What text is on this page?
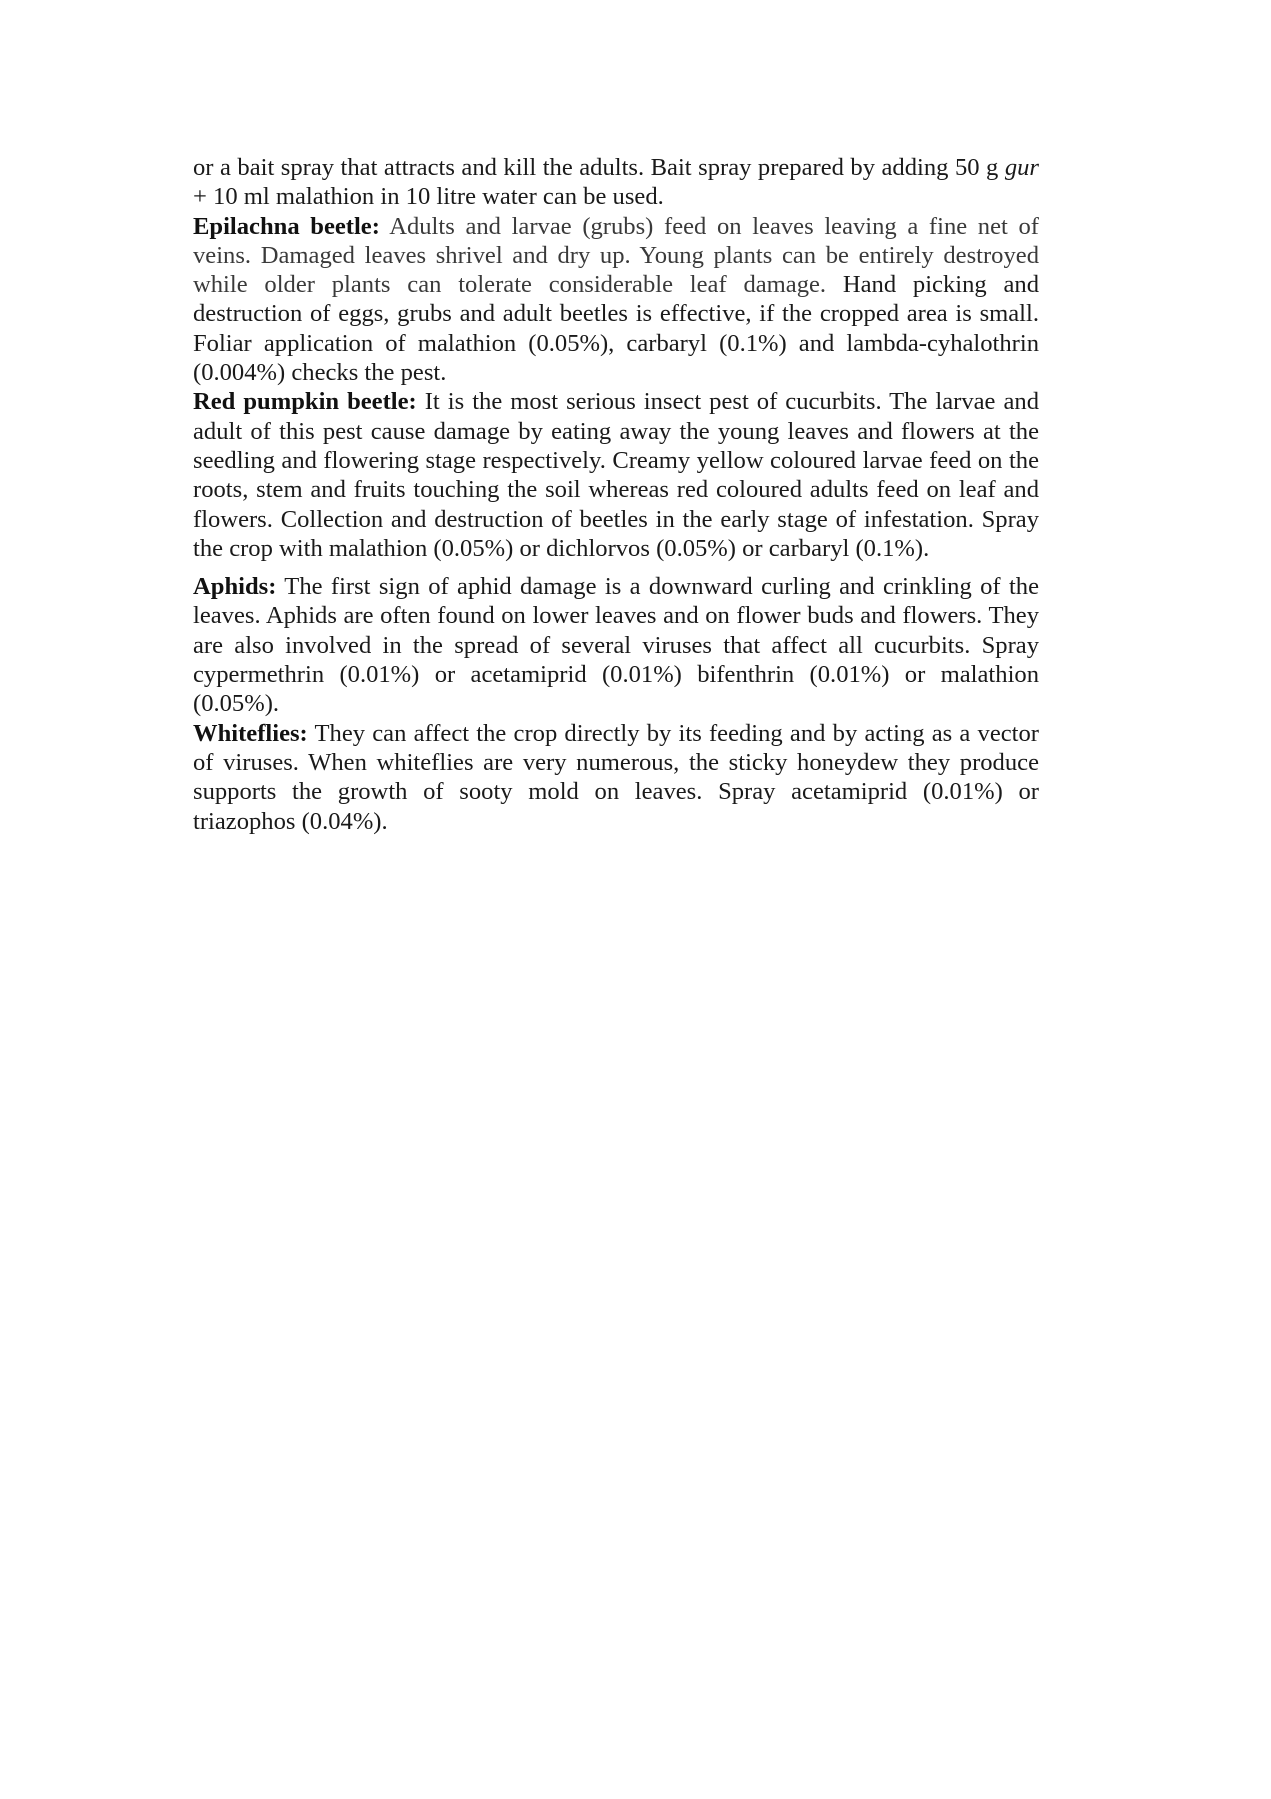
or a bait spray that attracts and kill the adults. Bait spray prepared by adding 50 g gur + 10 ml malathion in 10 litre water can be used.

Epilachna beetle: Adults and larvae (grubs) feed on leaves leaving a fine net of veins. Damaged leaves shrivel and dry up. Young plants can be entirely destroyed while older plants can tolerate considerable leaf damage. Hand picking and destruction of eggs, grubs and adult beetles is effective, if the cropped area is small. Foliar application of malathion (0.05%), carbaryl (0.1%) and lambda-cyhalothrin (0.004%) checks the pest.

Red pumpkin beetle: It is the most serious insect pest of cucurbits. The larvae and adult of this pest cause damage by eating away the young leaves and flowers at the seedling and flowering stage respectively. Creamy yellow coloured larvae feed on the roots, stem and fruits touching the soil whereas red coloured adults feed on leaf and flowers. Collection and destruction of beetles in the early stage of infestation. Spray the crop with malathion (0.05%) or dichlorvos (0.05%) or carbaryl (0.1%).

Aphids: The first sign of aphid damage is a downward curling and crinkling of the leaves. Aphids are often found on lower leaves and on flower buds and flowers. They are also involved in the spread of several viruses that affect all cucurbits. Spray cypermethrin (0.01%) or acetamiprid (0.01%) bifenthrin (0.01%) or malathion (0.05%).

Whiteflies: They can affect the crop directly by its feeding and by acting as a vector of viruses. When whiteflies are very numerous, the sticky honeydew they produce supports the growth of sooty mold on leaves. Spray acetamiprid (0.01%) or triazophos (0.04%).
